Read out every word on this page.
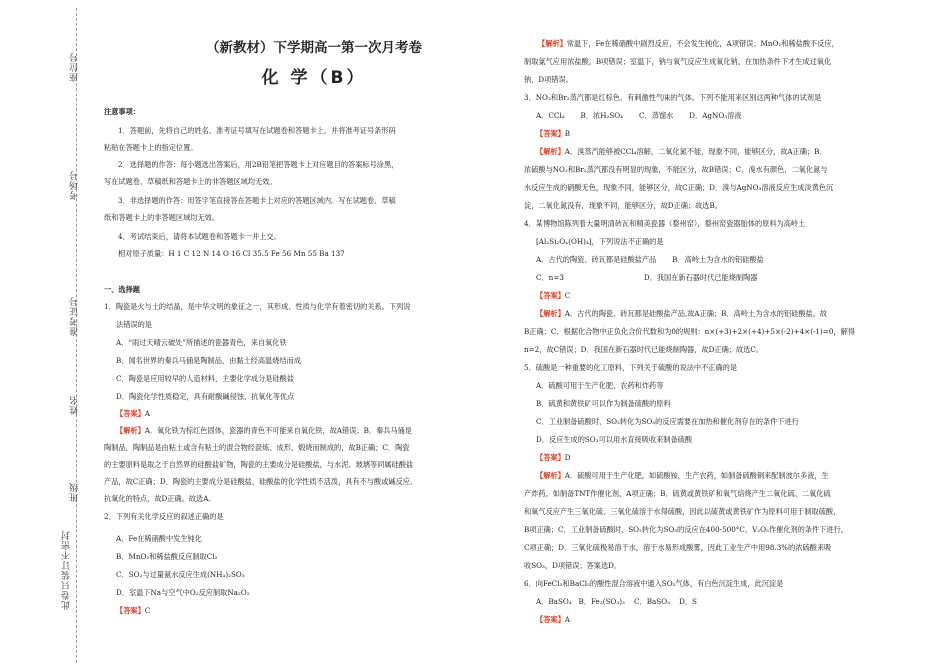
座位号
考场号
准考证号
姓名
班级
此卷只装订不密封
（新教材）下学期高一第一次月考卷
化 学（B）
注意事项：
1．答题前，先将自己的姓名、准考证号填写在试题卷和答题卡上，并将准考证号条形码
粘贴在答题卡上的指定位置。
2．选择题的作答：每小题选出答案后，用2B铅笔把答题卡上对应题目的答案标号涂黑，
写在试题卷、草稿纸和答题卡上的非答题区域均无效。
3．非选择题的作答：用签字笔直接答在答题卡上对应的答题区域内。写在试题卷、草稿
纸和答题卡上的非答题区域均无效。
4．考试结束后，请将本试题卷和答题卡一并上交。
相对原子质量：H 1 C 12 N 14 O 16 Cl 35.5 Fe 56 Mn 55 Ba 137
一、选择题
1．陶瓷是火与土的结晶，是中华文明的象征之一，其形成、性质与化学有着密切的关系。下列说
法错误的是
A．“雨过天晴云破处”所描述的瓷器青色，来自氧化铁
B．闻名世界的秦兵马俑是陶制品，由黏土经高温烧结而成
C．陶瓷是应用较早的人造材料，主要化学成分是硅酸盐
D．陶瓷化学性质稳定，具有耐酸碱侵蚀、抗氧化等优点
【答案】A
【解析】A．氧化铁为棕红色固体，瓷器的青色不可能来自氧化铁，故A错误；B．秦兵马俑是
陶制品，陶制品是由粘土或含有粘土的混合物经混炼、成形、煅烧而制成的，故B正确；C．陶瓷
的主要原料是取之于自然界的硅酸盐矿物，陶瓷的主要成分是硅酸盐，与水泥、玻璃等同属硅酸盐
产品，故C正确；D．陶瓷的主要成分是硅酸盐，硅酸盐的化学性质不活泼，具有不与酸或碱反应、
抗氧化的特点，故D正确。故选A。
2．下列有关化学反应的叙述正确的是
A．Fe在稀硝酸中发生钝化
B．MnO₂和稀盐酸反应制取Cl₂
C．SO₂与过量氨水反应生成(NH₄)₂SO₃
D．室温下Na与空气中O₂反应制取Na₂O₂
【答案】C
【解析】常温下，Fe在稀硝酸中剧烈反应，不会发生钝化，A项错误；MnO₂和稀盐酸不反应，
制取氯气应用浓盐酸，B项错误；室温下，钠与氧气反应生成氧化钠，在加热条件下才生成过氧化
钠，D项错误。
3．NO₂和Br₂蒸汽都是红棕色、有刺激性气味的气体。下列不能用来区别这两种气体的试剂是
A．CCl₄       B．浓H₂SO₄       C．蒸馏水       D．AgNO₃溶液
【答案】B
【解析】A．溴蒸汽能够被CCl₄溶解，二氧化氮不能，现象不同，能够区分，故A正确；B．
浓硫酸与NO₂和Br₂蒸汽都没有明显的现象，不能区分，故B错误；C．溴水有颜色，二氧化氮与
水反应生成的硝酸无色，现象不同，能够区分，故C正确；D．溴与AgNO₃溶液反应生成淡黄色沉
淀，二氧化氮没有，现象不同，能够区分，故D正确；故选B。
4．某博物馆陈列着大量明清砖瓦和精美瓷器（婺州窑），婺州窑瓷器胎体的原料为高岭土
[Al₂Si₂Oₓ(OH)₄]，下列说法不正确的是
A．古代的陶瓷、砖瓦都是硅酸盐产品       B．高岭土为含水的铝硅酸盐
C．n=3                                   D．我国在新石器时代已能烧制陶器
【答案】C
【解析】A．古代的陶瓷、砖瓦都是硅酸盐产品,故A正确；B．高岭土为含水的铝硅酸盐，故
B正确；C．根据化合物中正负化合价代数和为0的规则：n×(+3)+2×(+4)+5×(-2)+4×(-1)=0，解得
n=2，故C错误；D．我国在新石器时代已能烧制陶器，故D正确；故选C。
5．硫酸是一种重要的化工原料，下列关于硫酸的说法中不正确的是
A．硫酸可用于生产化肥、农药和炸药等
B．硫黄和黄铁矿可以作为制备硫酸的原料
C．工业制备硫酸时，SO₂转化为SO₃的反应需要在加热和催化剂存在的条件下进行
D．反应生成的SO₃可以用水直接吸收来制备硫酸
【答案】D
【解析】A．硫酸可用于生产化肥，如硫酸铵，生产农药，如制备硫酸铜来配制波尔多液，生
产炸药，如制备TNT作催化剂，A项正确；B．硫黄或黄铁矿和氧气焙烧产生二氧化硫、二氧化硫
和氧气反应产生三氧化硫、三氧化硫溶于水得硫酸，因此以硫黄或黄铁矿作为原料可用于制取硫酸，
B项正确；C．工业制备硫酸时，SO₂转化为SO₃的反应在400-500°C，V₂O₅作催化剂的条件下进行，
C项正确；D．三氧化硫极易溶于水，溶于水易形成酸雾，因此工业生产中用98.3%的浓硫酸来吸
收SO₃，D项错误；答案选D。
6．向FeCl₃和BaCl₂的酸性混合溶液中通入SO₂气体，有白色沉淀生成，此沉淀是
A．BaSO₄   B．Fe₂(SO₃)₃    C．BaSO₃    D．S
【答案】A
